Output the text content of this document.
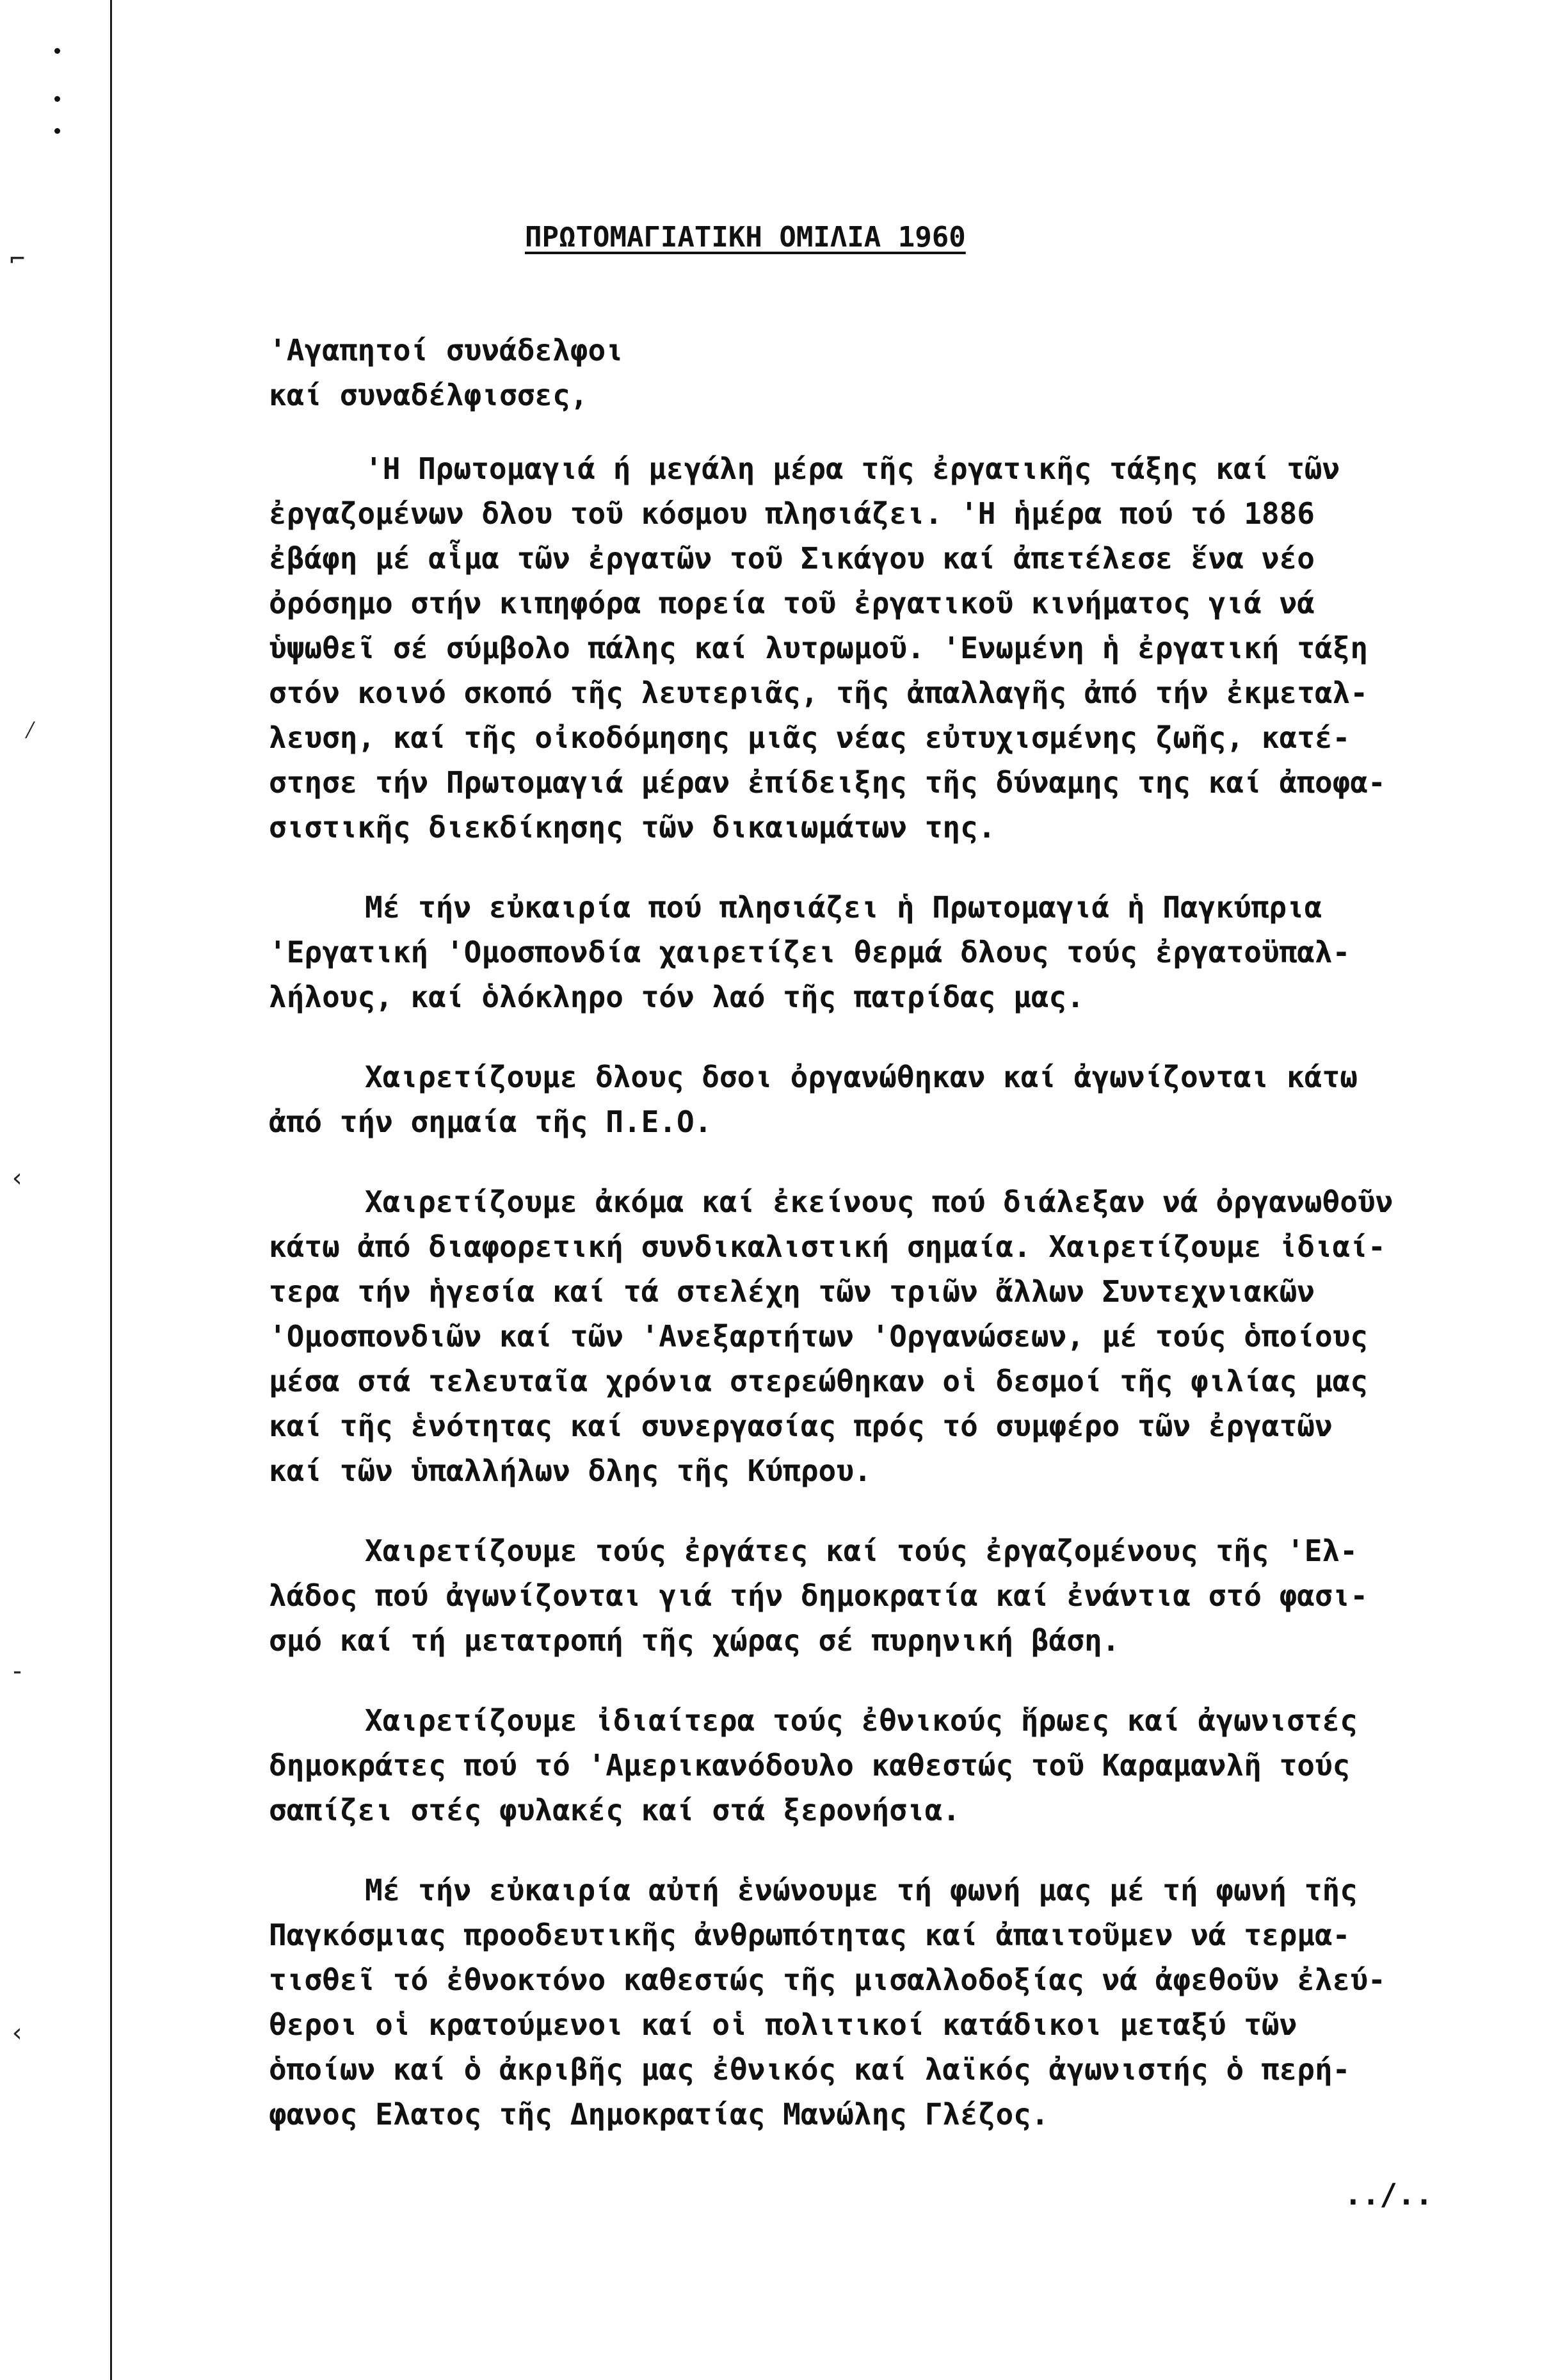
⌐
⁄
‹
-
‹
ΠΡΩΤΟΜΑΓΙΑΤΙΚΗ ΟΜΙΛΙΑ 1960
'Αγαπητοί συνάδελφοι
καί συναδέλφισσες,
'Η Πρωτομαγιά ή μεγάλη μέρα τῆς ἐργατικῆς τάξης καί τῶν
ἐργαζομένων δλου τοῦ κόσμου πλησιάζει. 'Η ἡμέρα πού τό 1886
ἐβάφη μέ αἷμα τῶν ἐργατῶν τοῦ Σικάγου καί ἀπετέλεσε ἕνα νέο
ὀρόσημο στήν κιπηφόρα πορεία τοῦ ἐργατικοῦ κινήματος γιά νά
ὑψωθεῖ σέ σύμβολο πάλης καί λυτρωμοῦ. 'Ενωμένη ἡ ἐργατική τάξη
στόν κοινό σκοπό τῆς λευτεριᾶς, τῆς ἀπαλλαγῆς ἀπό τήν ἐκμεταλ-
λευση, καί τῆς οἰκοδόμησης μιᾶς νέας εὐτυχισμένης ζωῆς, κατέ-
στησε τήν Πρωτομαγιά μέραν ἐπίδειξης τῆς δύναμης της καί ἀποφα-
σιστικῆς διεκδίκησης τῶν δικαιωμάτων της.
Μέ τήν εὐκαιρία πού πλησιάζει ἡ Πρωτομαγιά ἡ Παγκύπρια
'Εργατική 'Ομοσπονδία χαιρετίζει θερμά δλους τούς ἐργατοϋπαλ-
λήλους, καί ὁλόκληρο τόν λαό τῆς πατρίδας μας.
Χαιρετίζουμε δλους δσοι ὀργανώθηκαν καί ἀγωνίζονται κάτω
ἀπό τήν σημαία τῆς Π.Ε.Ο.
Χαιρετίζουμε ἀκόμα καί ἐκείνους πού διάλεξαν νά ὀργανωθοῦν
κάτω ἀπό διαφορετική συνδικαλιστική σημαία. Χαιρετίζουμε ἰδιαί-
τερα τήν ἡγεσία καί τά στελέχη τῶν τριῶν ἄλλων Συντεχνιακῶν
'Ομοσπονδιῶν καί τῶν 'Ανεξαρτήτων 'Οργανώσεων, μέ τούς ὁποίους
μέσα στά τελευταῖα χρόνια στερεώθηκαν οἱ δεσμοί τῆς φιλίας μας
καί τῆς ἑνότητας καί συνεργασίας πρός τό συμφέρο τῶν ἐργατῶν
καί τῶν ὑπαλλήλων δλης τῆς Κύπρου.
Χαιρετίζουμε τούς ἐργάτες καί τούς ἐργαζομένους τῆς 'Ελ-
λάδος πού ἀγωνίζονται γιά τήν δημοκρατία καί ἐνάντια στό φασι-
σμό καί τή μετατροπή τῆς χώρας σέ πυρηνική βάση.
Χαιρετίζουμε ἰδιαίτερα τούς ἐθνικούς ἥρωες καί ἀγωνιστές
δημοκράτες πού τό 'Αμερικανόδουλο καθεστώς τοῦ Καραμανλῆ τούς
σαπίζει στές φυλακές καί στά ξερονήσια.
Μέ τήν εὐκαιρία αὐτή ἑνώνουμε τή φωνή μας μέ τή φωνή τῆς
Παγκόσμιας προοδευτικῆς ἀνθρωπότητας καί ἀπαιτοῦμεν νά τερμα-
τισθεῖ τό ἐθνοκτόνο καθεστώς τῆς μισαλλοδοξίας νά ἀφεθοῦν ἐλεύ-
θεροι οἱ κρατούμενοι καί οἱ πολιτικοί κατάδικοι μεταξύ τῶν
ὁποίων καί ὁ ἀκριβῆς μας ἐθνικός καί λαϊκός ἀγωνιστής ὁ περή-
φανος Ελατος τῆς Δημοκρατίας Μανώλης Γλέζος.
../..
